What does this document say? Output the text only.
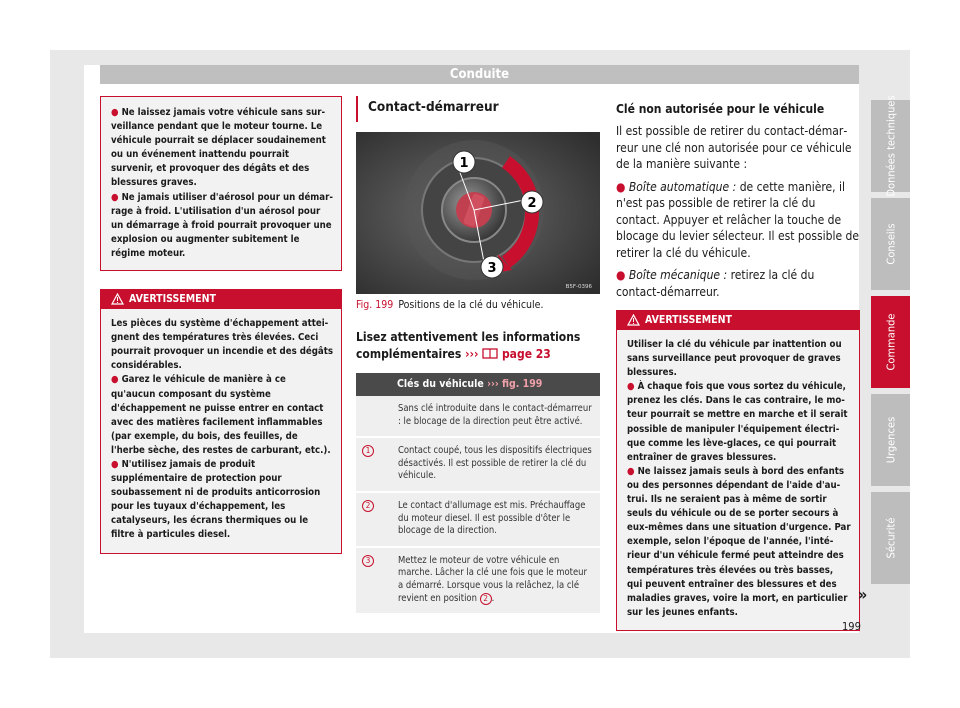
Conduite

● Ne laissez jamais votre véhicule sans surveillance pendant que le moteur tourne. Le véhicule pourrait se déplacer soudainement ou un événement inattendu pourrait survenir, et provoquer des dégâts et des blessures graves.

● Ne jamais utiliser d'aérosol pour un démarrage à froid. L'utilisation d'un aérosol pour un démarrage à froid pourrait provoquer une explosion ou augmenter subitement le régime moteur.

AVERTISSEMENT

Les pièces du système d'échappement atteignent des températures très élevées. Ceci pourrait provoquer un incendie et des dégâts considérables.

● Garez le véhicule de manière à ce qu'aucun composant du système d'échappement ne puisse entrer en contact avec des matières facilement inflammables (par exemple, du bois, des feuilles, de l'herbe sèche, des restes de carburant, etc.).

● N'utilisez jamais de produit supplémentaire de protection pour soubassement ni de produits anticorrosion pour les tuyaux d'échappement, les catalyseurs, les écrans thermiques ou le filtre à particules diesel.

Contact-démarreur
1
2
3
B5F-0396
Fig. 199 Positions de la clé du véhicule.
Lisez attentivement les informations complémentaires ››› page 23
Clés du véhicule ››› fig. 199	
	Sans clé introduite dans le contact-démarreur : le blocage de la direction peut être activé.
1	Contact coupé, tous les dispositifs électriques désactivés. Il est possible de retirer la clé du véhicule.
2	Le contact d'allumage est mis. Préchauffage du moteur diesel. Il est possible d'ôter le blocage de la direction.
3	Mettez le moteur de votre véhicule en marche. Lâcher la clé une fois que le moteur a démarré. Lorsque vous la relâchez, la clé revient en position 2 .
Clé non autorisée pour le véhicule

Il est possible de retirer du contact-démarreur une clé non autorisée pour ce véhicule de la manière suivante :

● Boîte automatique : de cette manière, il n'est pas possible de retirer la clé du contact. Appuyer et relâcher la touche de blocage du levier sélecteur. Il est possible de retirer la clé du véhicule.

● Boîte mécanique : retirez la clé du contact-démarreur.

AVERTISSEMENT

Utiliser la clé du véhicule par inattention ou sans surveillance peut provoquer de graves blessures.

● À chaque fois que vous sortez du véhicule, prenez les clés. Dans le cas contraire, le moteur pourrait se mettre en marche et il serait possible de manipuler l'équipement électrique comme les lève-glaces, ce qui pourrait entraîner de graves blessures.

● Ne laissez jamais seuls à bord des enfants ou des personnes dépendant de l'aide d'autrui. Ils ne seraient pas à même de sortir seuls du véhicule ou de se porter secours à eux-mêmes dans une situation d'urgence. Par exemple, selon l'époque de l'année, l'intérieur d'un véhicule fermé peut atteindre des températures très élevées ou très basses, qui peuvent entraîner des blessures et des maladies graves, voire la mort, en particulier sur les jeunes enfants.

»
Données techniques
Conseils
Commande
Urgences
Sécurité
199
